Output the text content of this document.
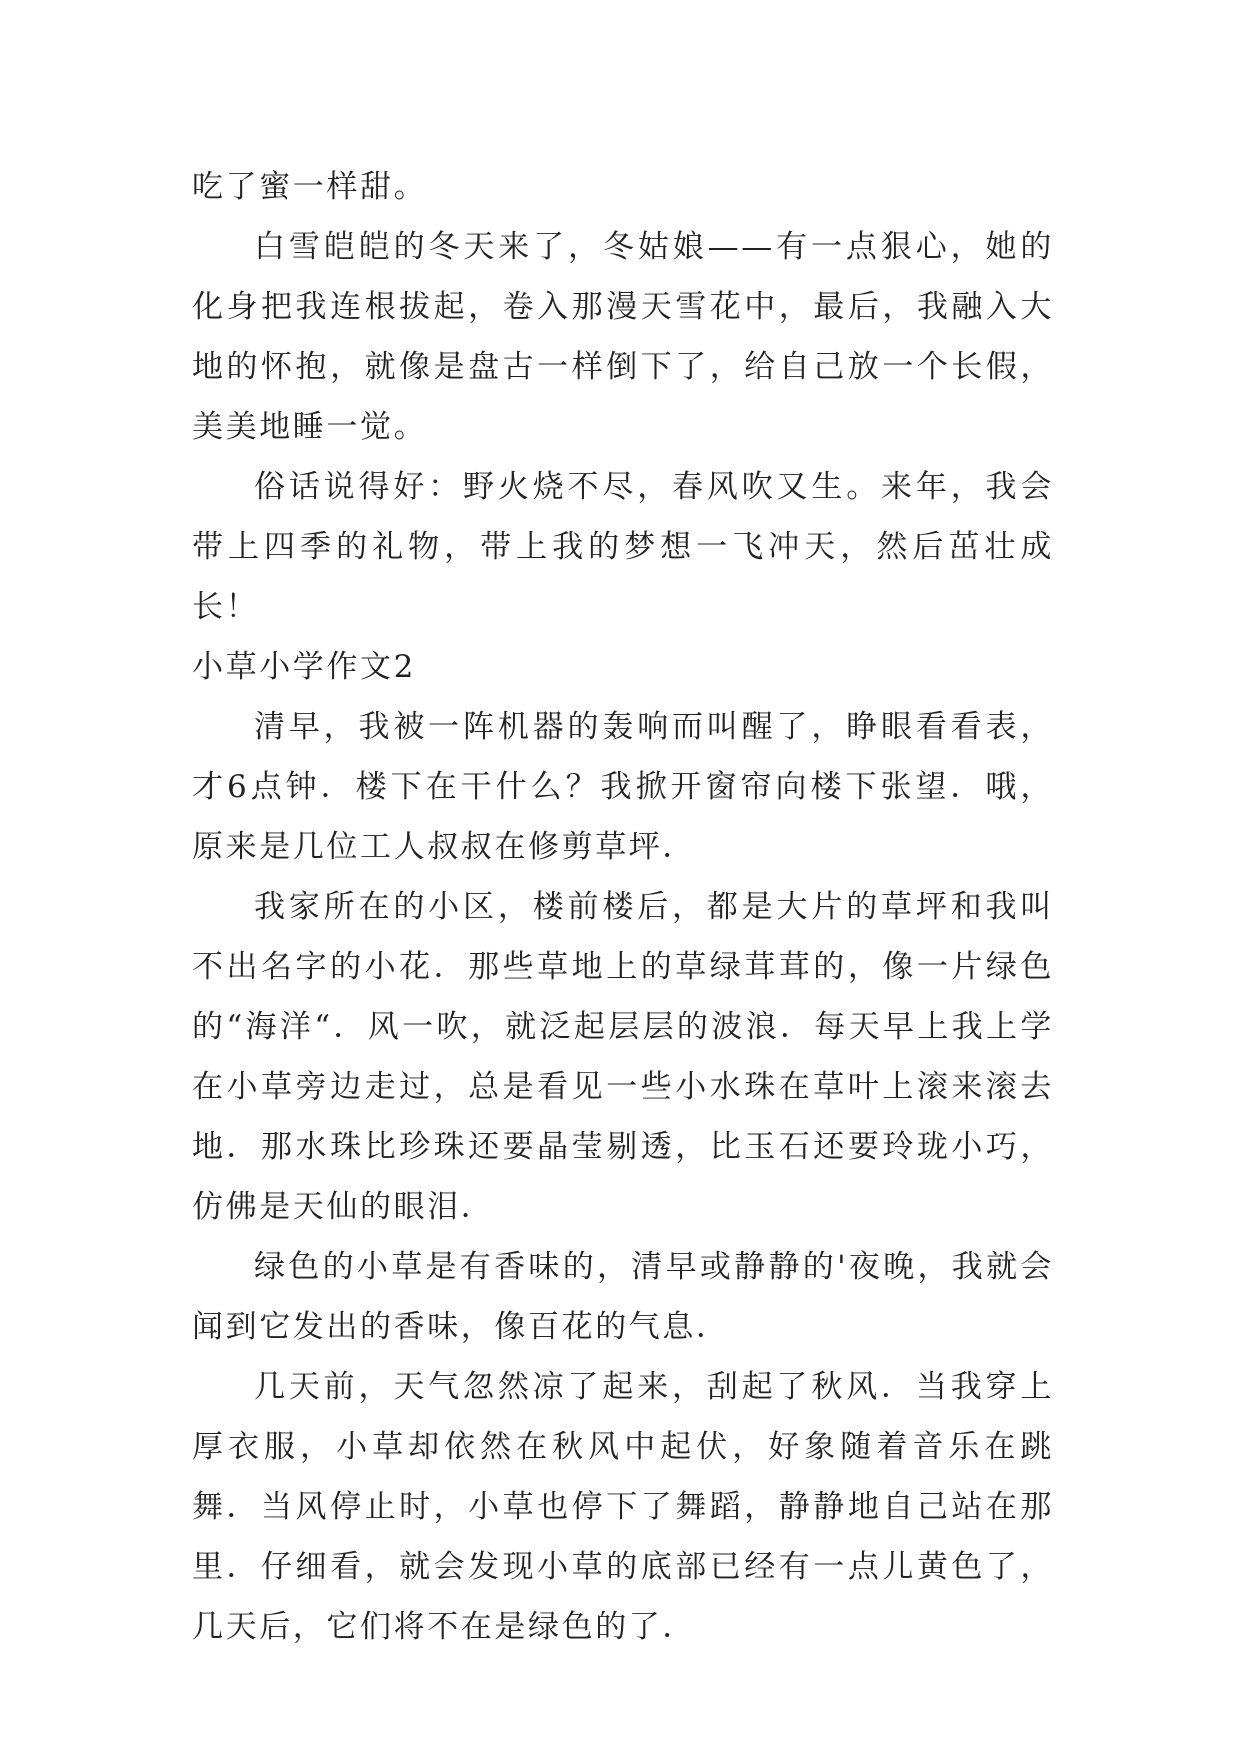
吃了蜜一样甜。

白雪皑皑的冬天来了，冬姑娘——有一点狠心，她的化身把我连根拔起，卷入那漫天雪花中，最后，我融入大地的怀抱，就像是盘古一样倒下了，给自己放一个长假，美美地睡一觉。

俗话说得好：野火烧不尽，春风吹又生。来年，我会带上四季的礼物，带上我的梦想一飞冲天，然后茁壮成长！

小草小学作文2

清早，我被一阵机器的轰响而叫醒了，睁眼看看表，才6点钟．楼下在干什么？我掀开窗帘向楼下张望．哦，原来是几位工人叔叔在修剪草坪．

我家所在的小区，楼前楼后，都是大片的草坪和我叫不出名字的小花．那些草地上的草绿茸茸的，像一片绿色的“海洋“．风一吹，就泛起层层的波浪．每天早上我上学在小草旁边走过，总是看见一些小水珠在草叶上滚来滚去地．那水珠比珍珠还要晶莹剔透，比玉石还要玲珑小巧，仿佛是天仙的眼泪．

绿色的小草是有香味的，清早或静静的'夜晚，我就会闻到它发出的香味，像百花的气息．

几天前，天气忽然凉了起来，刮起了秋风．当我穿上厚衣服，小草却依然在秋风中起伏，好象随着音乐在跳舞．当风停止时，小草也停下了舞蹈，静静地自己站在那里．仔细看，就会发现小草的底部已经有一点儿黄色了，几天后，它们将不在是绿色的了．
